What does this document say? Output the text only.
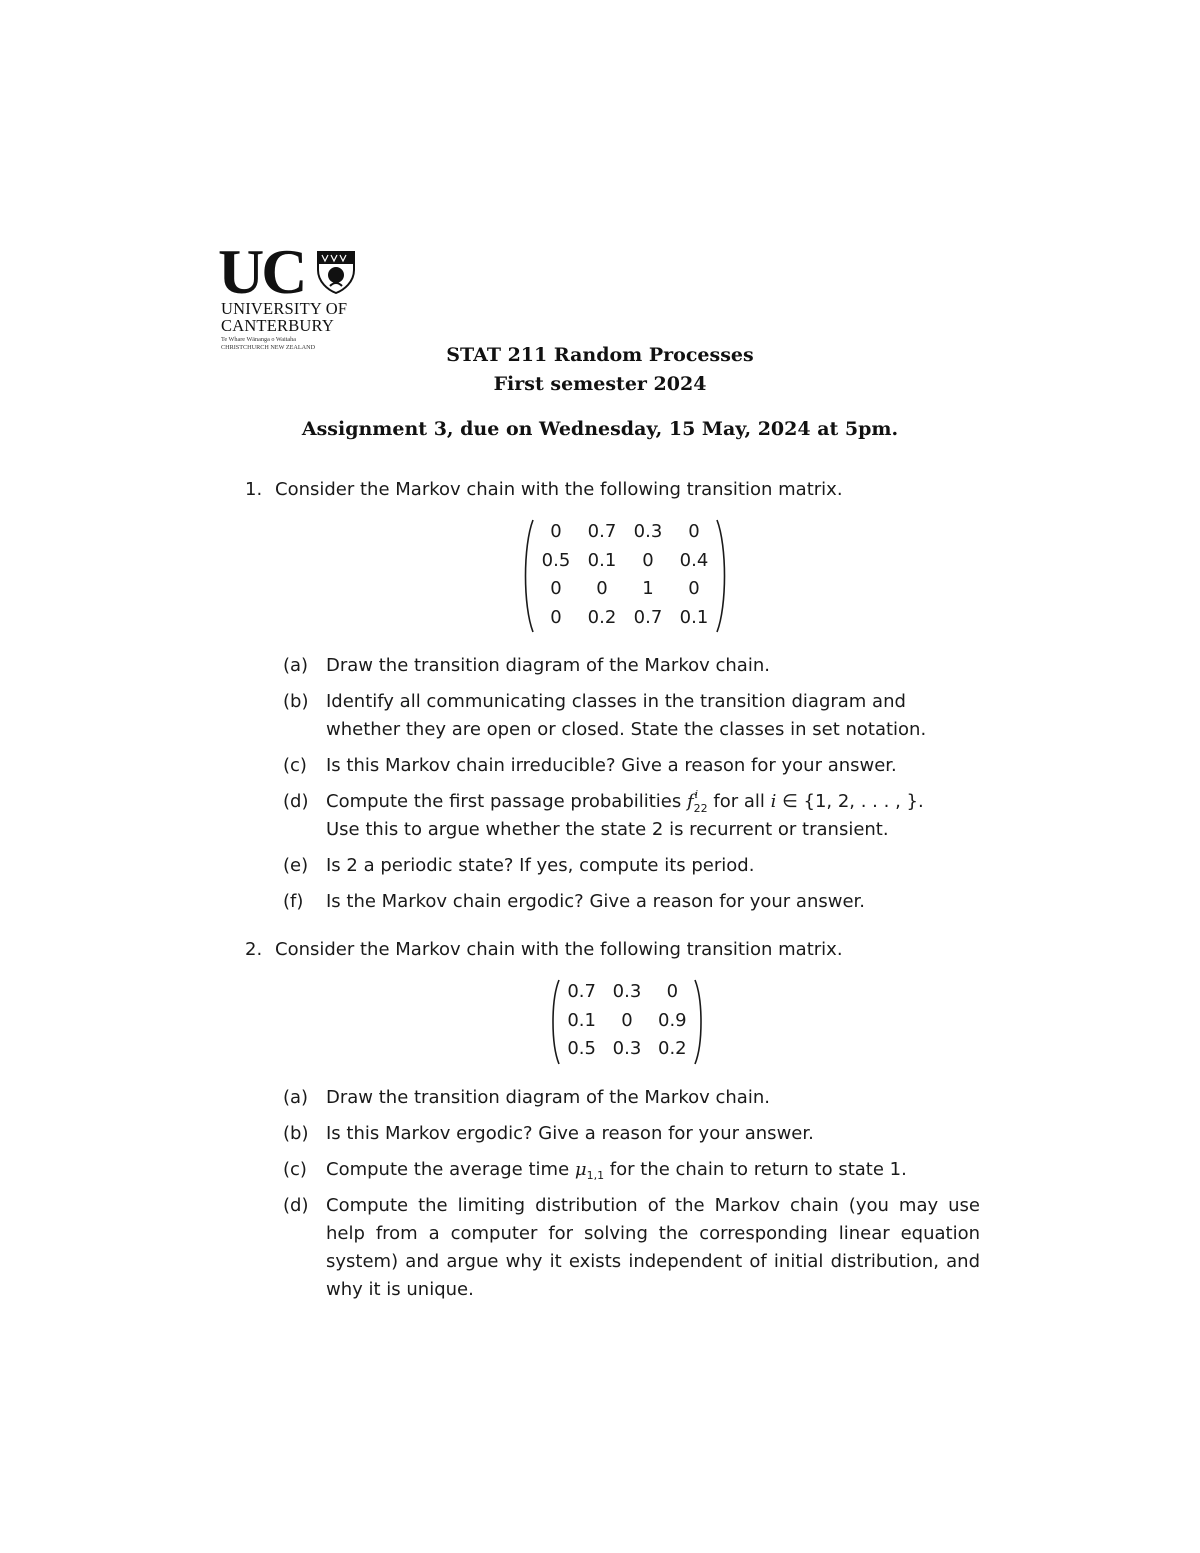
UC
UNIVERSITY OF
CANTERBURY
Te Whare Wānanga o Waitaha
CHRISTCHURCH NEW ZEALAND	STAT 211 Random Processes
First semester 2024
Assignment 3, due on Wednesday, 15 May, 2024 at 5pm.
1. Consider the Markov chain with the following transition matrix.
0	0.7	0.3	0
0.5	0.1	0	0.4
0	0	1	0
0	0.2	0.7	0.1
(a) Draw the transition diagram of the Markov chain.
(b) Identify all communicating classes in the transition diagram and
whether they are open or closed. State the classes in set notation.
(c) Is this Markov chain irreducible? Give a reason for your answer.
(d) Compute the first passage probabilities f i
22 for all i ∈ {1, 2, . . . , }.
Use this to argue whether the state 2 is recurrent or transient.
(e) Is 2 a periodic state? If yes, compute its period.
(f) Is the Markov chain ergodic? Give a reason for your answer.
2. Consider the Markov chain with the following transition matrix.
0.7	0.3	0
0.1	0	0.9
0.5	0.3	0.2
(a) Draw the transition diagram of the Markov chain.
(b) Is this Markov ergodic? Give a reason for your answer.
(c) Compute the average time $\mu_{1,1}$ for the chain to return to state 1.
(d) Compute the limiting distribution of the Markov chain (you may use help from a computer for solving the corresponding linear equation system) and argue why it exists independent of initial distribution, and why it is unique.
